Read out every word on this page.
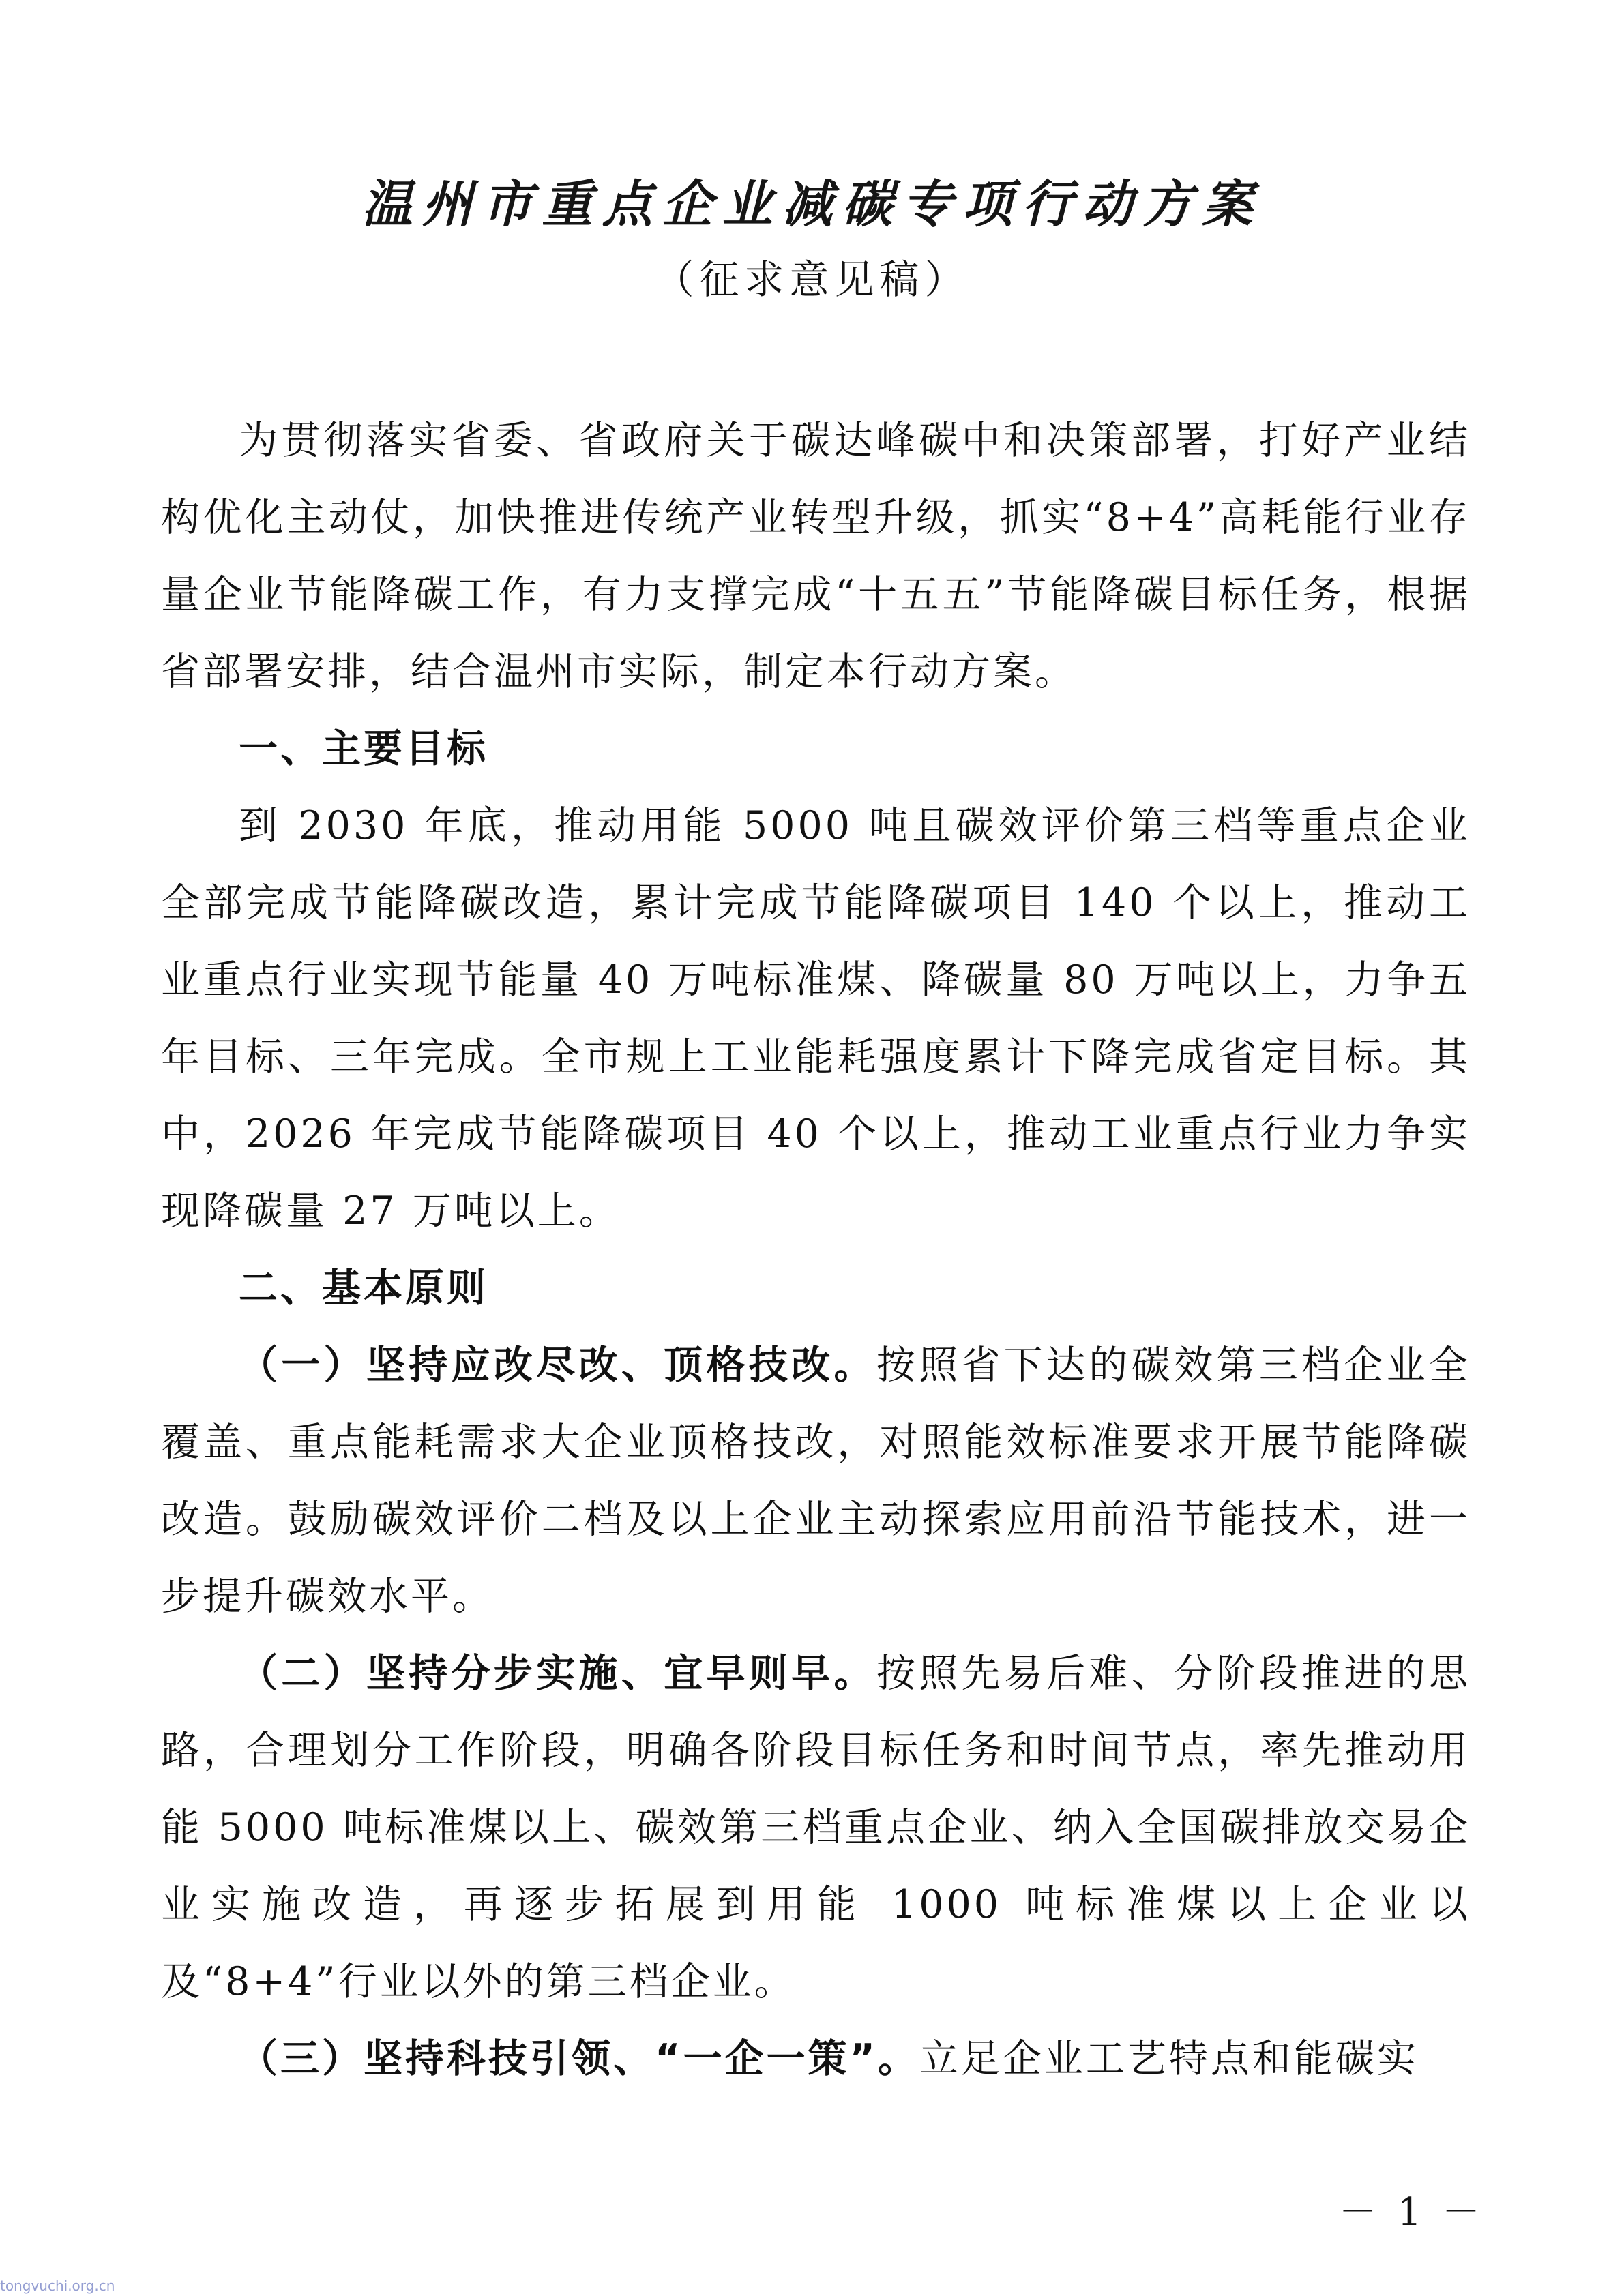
温州市重点企业减碳专项行动方案
（征求意见稿）

为贯彻落实省委、省政府关于碳达峰碳中和决策部署，打好产业结构优化主动仗，加快推进传统产业转型升级，抓实“8+4”高耗能行业存量企业节能降碳工作，有力支撑完成“十五五”节能降碳目标任务，根据省部署安排，结合温州市实际，制定本行动方案。

一、主要目标

到 2030 年底，推动用能 5000 吨且碳效评价第三档等重点企业全部完成节能降碳改造，累计完成节能降碳项目 140 个以上，推动工业重点行业实现节能量 40 万吨标准煤、降碳量 80 万吨以上，力争五年目标、三年完成。全市规上工业能耗强度累计下降完成省定目标。其中，2026 年完成节能降碳项目 40 个以上，推动工业重点行业力争实现降碳量 27 万吨以上。

二、基本原则

（一）坚持应改尽改、顶格技改。按照省下达的碳效第三档企业全覆盖、重点能耗需求大企业顶格技改，对照能效标准要求开展节能降碳改造。鼓励碳效评价二档及以上企业主动探索应用前沿节能技术，进一步提升碳效水平。

（二）坚持分步实施、宜早则早。按照先易后难、分阶段推进的思路，合理划分工作阶段，明确各阶段目标任务和时间节点，率先推动用能 5000 吨标准煤以上、碳效第三档重点企业、纳入全国碳排放交易企业实施改造，再逐步拓展到用能 1000 吨标准煤以上企业以及“8+4”行业以外的第三档企业。

（三）坚持科技引领、“一企一策”。立足企业工艺特点和能碳实

－ 1 －
tongvuchi.org.cn
